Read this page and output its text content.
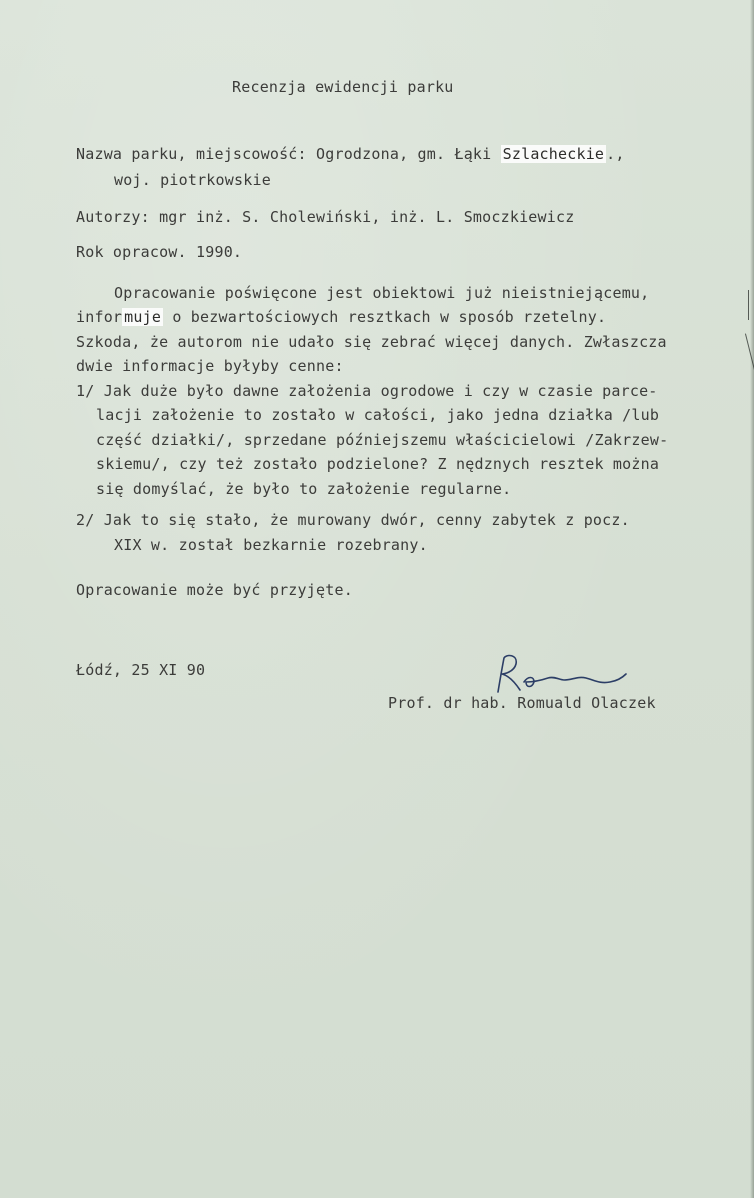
Recenzja ewidencji parku
Nazwa parku, miejscowość: Ogrodzona, gm. Łąki Szlacheckie .,
woj. piotrkowskie
Autorzy: mgr inż. S. Cholewiński, inż. L. Smoczkiewicz
Rok opracow. 1990.
Opracowanie poświęcone jest obiektowi już nieistniejącemu,
infor muje o bezwartościowych resztkach w sposób rzetelny.
Szkoda, że autorom nie udało się zebrać więcej danych. Zwłaszcza
dwie informacje byłyby cenne:
1/ Jak duże było dawne założenia ogrodowe i czy w czasie parce-
lacji założenie to zostało w całości, jako jedna działka /lub
część działki/, sprzedane późniejszemu właścicielowi /Zakrzew-
skiemu/, czy też zostało podzielone? Z nędznych resztek można
się domyślać, że było to założenie regularne.
2/ Jak to się stało, że murowany dwór, cenny zabytek z pocz.
XIX w. został bezkarnie rozebrany.
Opracowanie może być przyjęte.
Łódź, 25 XI 90
Prof. dr hab. Romuald Olaczek
